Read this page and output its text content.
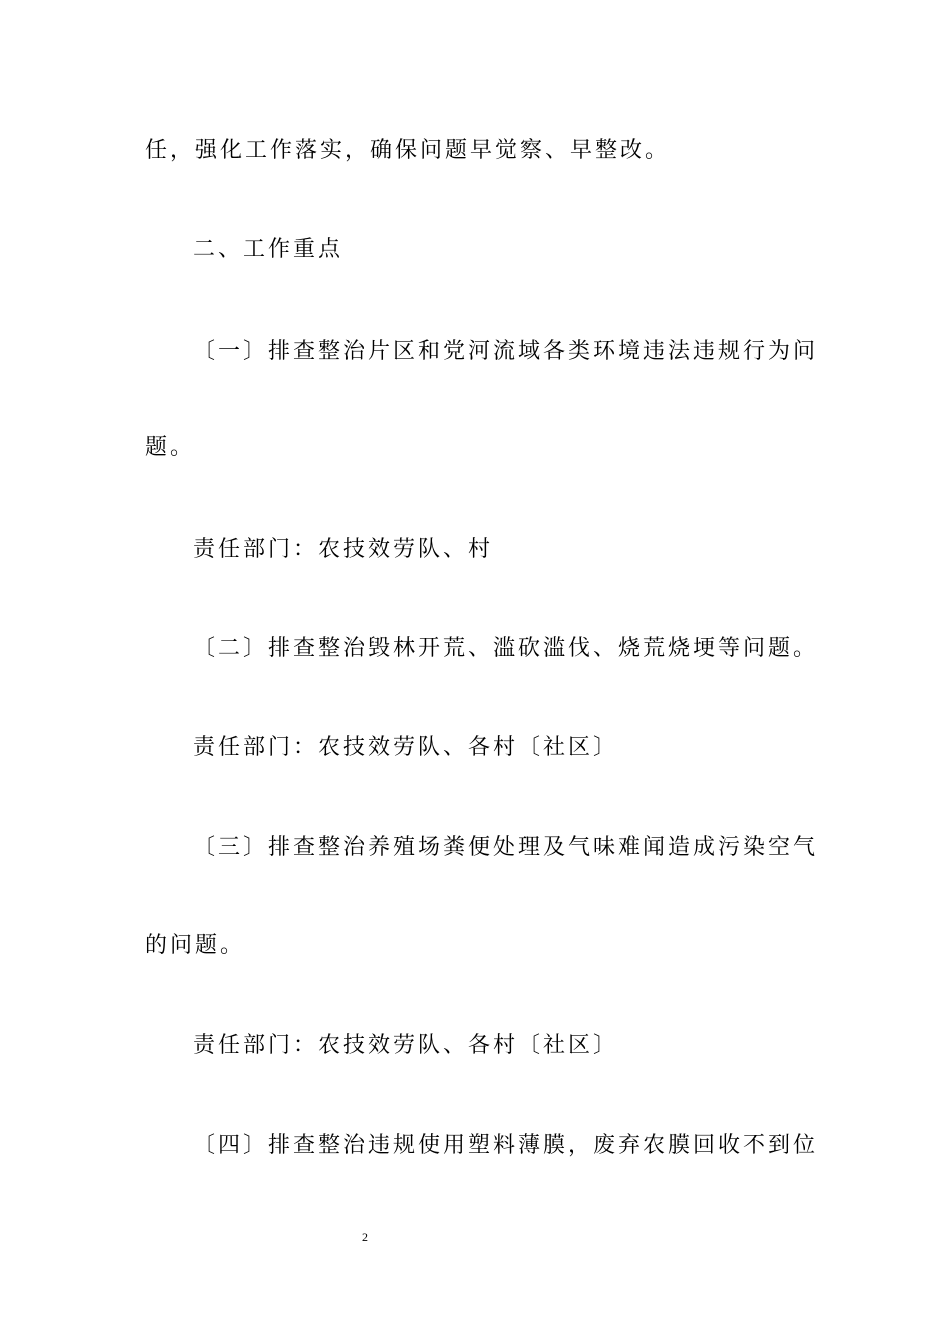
任，强化工作落实，确保问题早觉察、早整改。
二、工作重点
〔一〕排查整治片区和党河流域各类环境违法违规行为问
题。
责任部门：农技效劳队、村
〔二〕排查整治毁林开荒、滥砍滥伐、烧荒烧埂等问题。
责任部门：农技效劳队、各村〔社区〕
〔三〕排查整治养殖场粪便处理及气味难闻造成污染空气
的问题。
责任部门：农技效劳队、各村〔社区〕
〔四〕排查整治违规使用塑料薄膜，废弃农膜回收不到位
2
